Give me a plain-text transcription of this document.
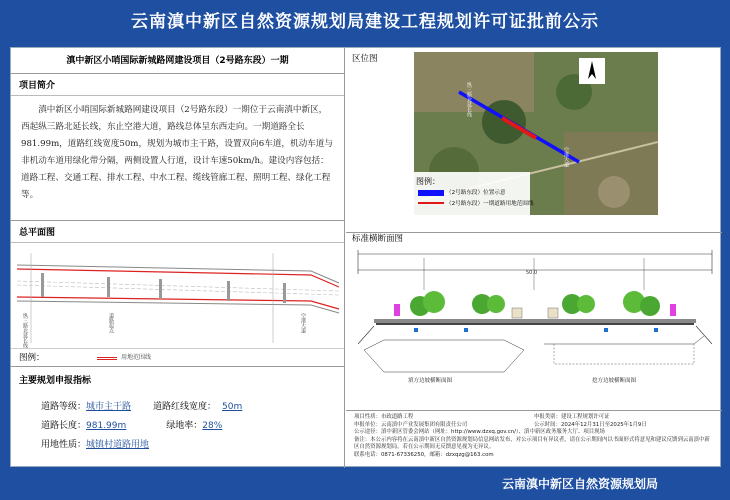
云南滇中新区自然资源规划局建设工程规划许可证批前公示
滇中新区小哨国际新城路网建设项目（2号路东段）一期
项目简介
滇中新区小哨国际新城路网建设项目（2号路东段）一期位于云南滇中新区，西起纵三路北延长线，东止空港大道，路线总体呈东西走向。一期道路全长981.99m，道路红线宽度50m，规划为城市主干路，设置双向6车道，机动车道与非机动车道用绿化带分隔，两侧设置人行道，设计车速50km/h。建设内容包括：道路工程、交通工程、排水工程、中水工程、缆线管廊工程、照明工程、绿化工程等。
总平面图
纵三路北延长线	空港大道
道路起点
图例：	用地范围线
主要规划申报指标
道路等级：城市主干路 道路红线宽度： 50m
道路长度：981.99m	绿地率：28%
用地性质：城镇村道路用地
区位图
纵三路北延长线
空港大道
图例：
（2号路东段）位置示意
（2号路东段）一期道路用地范围线
标准横断面图
50.0
填方边坡横断面图	挖方边坡横断面图
项目性质：市政道路工程	申报类别：建设工程规划许可证
申报单位：云南滇中产业发展集团有限责任公司	公示时间：2024年12月31日至2025年1月9日
公示途径：滇中新区管委会网站（网址：http://www.dzxq.gov.cn/）、滇中新区政务服务大厅、项目现场
备注：本公示内容将在云南滇中新区自然资源规划局信息网站发布，对公示项目有异议者，请在公示期间内以书面形式将意见和建议反馈到云南滇中新区自然资源规划局，若在公示期间无反馈意见视为无异议。
联系电话：0871-67336250，邮箱：dzxqzg@163.com
云南滇中新区自然资源规划局
